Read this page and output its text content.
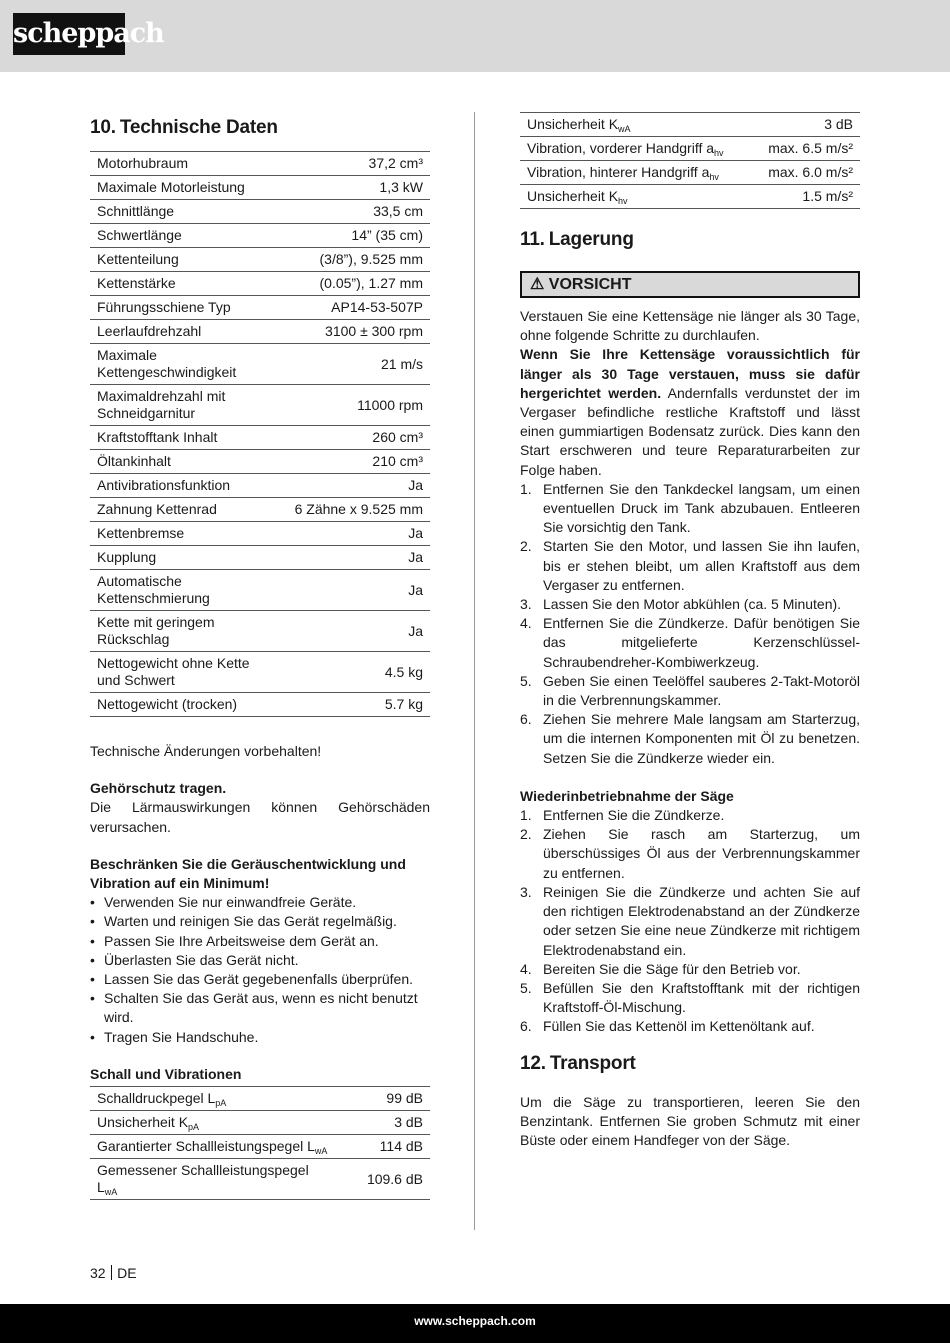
scheppach
10. Technische Daten
Motorhubraum	37,2 cm³
Maximale Motorleistung	1,3 kW
Schnittlänge	33,5 cm
Schwertlänge	14” (35 cm)
Kettenteilung	(3/8”), 9.525 mm
Kettenstärke	(0.05”), 1.27 mm
Führungsschiene Typ	AP14-53-507P
Leerlaufdrehzahl	3100 ± 300 rpm
Maximale Kettengeschwindigkeit	21 m/s
Maximaldrehzahl mit Schneidgarnitur	11000 rpm
Kraftstofftank Inhalt	260 cm³
Öltankinhalt	210 cm³
Antivibrationsfunktion	Ja
Zahnung Kettenrad	6 Zähne x 9.525 mm
Kettenbremse	Ja
Kupplung	Ja
Automatische Kettenschmierung	Ja
Kette mit geringem Rückschlag	Ja
Nettogewicht ohne Kette und Schwert	4.5 kg
Nettogewicht (trocken)	5.7 kg

Technische Änderungen vorbehalten!

Gehörschutz tragen.

Die Lärmauswirkungen können Gehörschäden verursachen.

Beschränken Sie die Geräuschentwicklung und Vibration auf ein Minimum!

• Verwenden Sie nur einwandfreie Geräte.
• Warten und reinigen Sie das Gerät regelmäßig.
• Passen Sie Ihre Arbeitsweise dem Gerät an.
• Überlasten Sie das Gerät nicht.
• Lassen Sie das Gerät gegebenenfalls überprüfen.
• Schalten Sie das Gerät aus, wenn es nicht benutzt wird.
• Tragen Sie Handschuhe.

Schall und Vibrationen

Schalldruckpegel $L_{pA}$	99 dB
Unsicherheit $K_{pA}$	3 dB
Garantierter Schallleistungspegel $L_{wA}$	114 dB
Gemessener Schallleistungspegel $L_{wA}$	109.6 dB
Unsicherheit $K_{wA}$	3 dB
Vibration, vorderer Handgriff $a_{hv}$	max. 6.5 m/s²
Vibration, hinterer Handgriff $a_{hv}$	max. 6.0 m/s²
Unsicherheit $K_{hv}$	1.5 m/s²
11. Lagerung
⚠ VORSICHT

Verstauen Sie eine Kettensäge nie länger als 30 Tage, ohne folgende Schritte zu durchlaufen.

Wenn Sie Ihre Kettensäge voraussichtlich für länger als 30 Tage verstauen, muss sie dafür hergerichtet werden. Andernfalls verdunstet der im Vergaser befindliche restliche Kraftstoff und lässt einen gummiartigen Bodensatz zurück. Dies kann den Start erschweren und teure Reparaturarbeiten zur Folge haben.

1. Entfernen Sie den Tankdeckel langsam, um einen eventuellen Druck im Tank abzubauen. Entleeren Sie vorsichtig den Tank.
2. Starten Sie den Motor, und lassen Sie ihn laufen, bis er stehen bleibt, um allen Kraftstoff aus dem Vergaser zu entfernen.
3. Lassen Sie den Motor abkühlen (ca. 5 Minuten).
4. Entfernen Sie die Zündkerze. Dafür benötigen Sie das mitgelieferte Kerzenschlüssel-Schraubendreher-Kombiwerkzeug.
5. Geben Sie einen Teelöffel sauberes 2-Takt-Motoröl in die Verbrennungskammer.
6. Ziehen Sie mehrere Male langsam am Starterzug, um die internen Komponenten mit Öl zu benetzen. Setzen Sie die Zündkerze wieder ein.

Wiederinbetriebnahme der Säge

1. Entfernen Sie die Zündkerze.
2. Ziehen Sie rasch am Starterzug, um überschüssiges Öl aus der Verbrennungskammer zu entfernen.
3. Reinigen Sie die Zündkerze und achten Sie auf den richtigen Elektrodenabstand an der Zündkerze oder setzen Sie eine neue Zündkerze mit richtigem Elektrodenabstand ein.
4. Bereiten Sie die Säge für den Betrieb vor.
5. Befüllen Sie den Kraftstofftank mit der richtigen Kraftstoff-Öl-Mischung.
6. Füllen Sie das Kettenöl im Kettenöltank auf.
12. Transport

Um die Säge zu transportieren, leeren Sie den Benzintank. Entfernen Sie groben Schmutz mit einer Büste oder einem Handfeger von der Säge.

32 DE
www.scheppach.com
